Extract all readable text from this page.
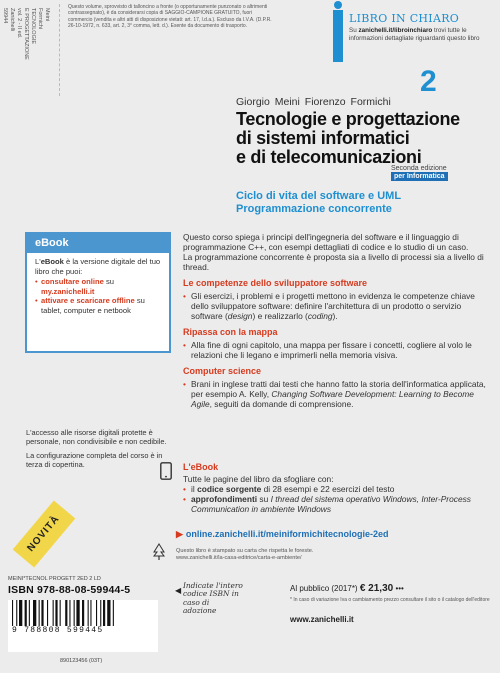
Meini
Formichi
TECNOLOGIE
E PROGETTAZIONE
vol. 2 - II ed.
Zanichelli
59944
Questo volume, sprovvisto di talloncino a fronte (o opportunamente punzonato o altrimenti contrassegnato), è da considerarsi copia di SAGGIO-CAMPIONE GRATUITO, fuori commercio (vendita e altri atti di disposizione vietati: art. 17, l.d.a.). Escluso da I.V.A. (D.P.R. 26-10-1972, n. 633, art. 2, 3° comma, lett. d.). Esente da documento di trasporto.
LIBRO IN CHIARO
Su zanichelli.it/libroinchiaro trovi tutte le informazioni dettagliate riguardanti questo libro
2
Giorgio Meini Fiorenzo Formichi
Tecnologie e progettazione
di sistemi informatici
e di telecomunicazioni
Seconda edizione
per Informatica
Ciclo di vita del software e UML
Programmazione concorrente
eBook
L'eBook è la versione digitale del tuo libro che puoi:
• consultare online su my.zanichelli.it
• attivare e scaricare offline su tablet, computer e netbook

L'accesso alle risorse digitali protette è personale, non condivisibile e non cedibile.

La configurazione completa del corso è in terza di copertina.

NOVITÀ

Questo corso spiega i principi dell'ingegneria del software e il linguaggio di programmazione C++, con esempi dettagliati di codice e lo studio di un caso.

La programmazione concorrente è proposta sia a livello di processi sia a livello di thread.

Le competenze dello sviluppatore software
• Gli esercizi, i problemi e i progetti mettono in evidenza le competenze chiave dello sviluppatore software: definire l'architettura di un prodotto o servizio software (design) e realizzarlo (coding).
Ripassa con la mappa
• Alla fine di ogni capitolo, una mappa per fissare i concetti, cogliere al volo le relazioni che li legano e imprimerli nella memoria visiva.
Computer science
• Brani in inglese tratti dai testi che hanno fatto la storia dell'informatica applicata, per esempio A. Kelly, Changing Software Development: Learning to Become Agile, seguiti da domande di comprensione.
L'eBook

Tutte le pagine del libro da sfogliare con:

• il codice sorgente di 28 esempi e 22 esercizi del testo
• approfondimenti su I thread del sistema operativo Windows, Inter-Process Communication in ambiente Windows
▶ online.zanichelli.it/meiniformichitecnologie-2ed
Questo libro è stampato su carta che rispetta le foreste.
www.zanichelli.it/la-casa-editrice/carta-e-ambiente/
MEINI*TECNOL PROGETT 2ED 2 LD
ISBN 978-88-08-59944-5	◀
Indicate l'intero codice ISBN in caso di adozione
9 788808 599445
890123456 (03T)
Al pubblico (2017*) € 21,30 •••
* In caso di variazione Iva o cambiamento prezzo consultare il sito o il catalogo dell'editore
www.zanichelli.it
